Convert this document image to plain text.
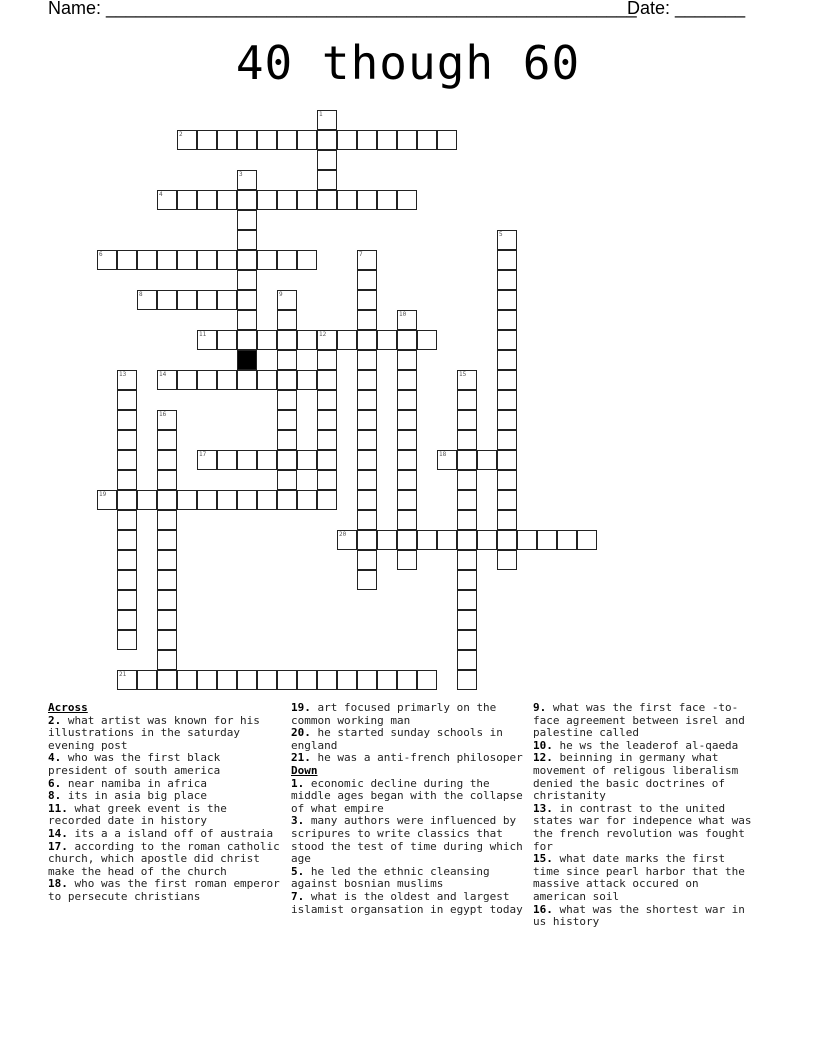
Name: _____________________________________________________
Date: _______
40 though 60
1
2
3
4
5
6	7
8	9
10
11	12
13	14	15
16
17	18
19
20
21
Across
2. what artist was known for his illustrations in the saturday evening post
4. who was the first black president of south america
6. near namiba in africa
8. its in asia big place
11. what greek event is the recorded date in history
14. its a a island off of austraia
17. according to the roman catholic church, which apostle did christ make the head of the church
18. who was the first roman emperor to persecute christians
19. art focused primarly on the common working man
20. he started sunday schools in england
21. he was a anti-french philosoper
Down
1. economic decline during the middle ages began with the collapse of what empire
3. many authors were influenced by scripures to write classics that stood the test of time during which age
5. he led the ethnic cleansing against bosnian muslims
7. what is the oldest and largest islamist organsation in egypt today
9. what was the first face -to-face agreement between isrel and palestine called
10. he ws the leaderof al-qaeda
12. beinning in germany what movement of religous liberalism denied the basic doctrines of christanity
13. in contrast to the united states war for indepence what was the french revolution was fought for
15. what date marks the first time since pearl harbor that the massive attack occured on american soil
16. what was the shortest war in us history
